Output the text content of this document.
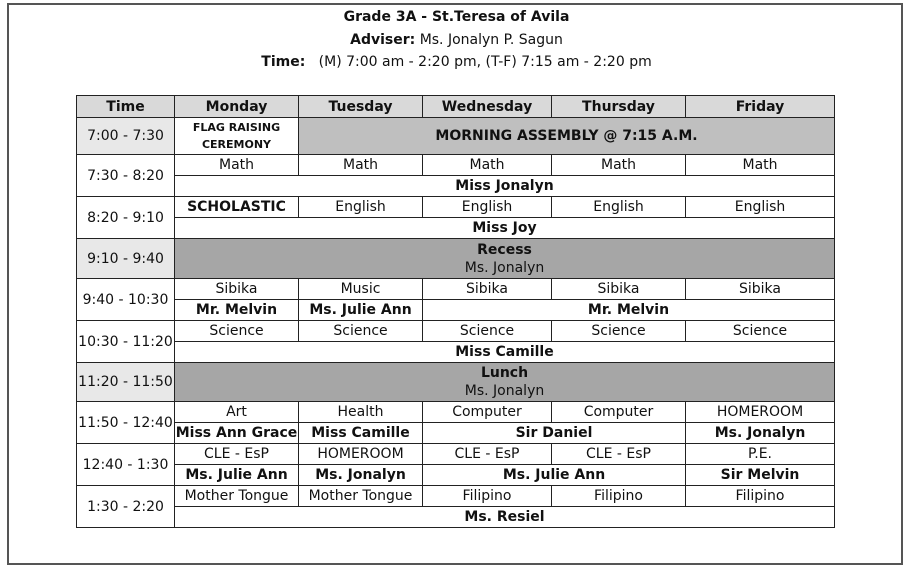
Grade 3A - St.Teresa of Avila
Adviser: Ms. Jonalyn P. Sagun
Time: (M) 7:00 am - 2:20 pm, (T-F) 7:15 am - 2:20 pm
Time	Monday	Tuesday	Wednesday	Thursday	Friday
7:00 - 7:30	FLAG RAISING CEREMONY	MORNING ASSEMBLY @ 7:15 A.M.			
7:30 - 8:20	Math	Math	Math	Math	Math
	Miss Jonalyn				
8:20 - 9:10	SCHOLASTIC	English	English	English	English
	Miss Joy				
9:10 - 9:40	Recess
Ms. Jonalyn				

9:40 - 10:30	Sibika	Music	Sibika	Sibika	Sibika
	Mr. Melvin	Ms. Julie Ann	Mr. Melvin		
10:30 - 11:20	Science	Science	Science	Science	Science
	Miss Camille				
11:20 - 11:50	Lunch
Ms. Jonalyn				

11:50 - 12:40	Art	Health	Computer	Computer	HOMEROOM
	Miss Ann Grace	Miss Camille	Sir Daniel		Ms. Jonalyn
12:40 - 1:30	CLE - EsP	HOMEROOM	CLE - EsP	CLE - EsP	P.E.
	Ms. Julie Ann	Ms. Jonalyn	Ms. Julie Ann		Sir Melvin
1:30 - 2:20	Mother Tongue	Mother Tongue	Filipino	Filipino	Filipino
	Ms. Resiel				
